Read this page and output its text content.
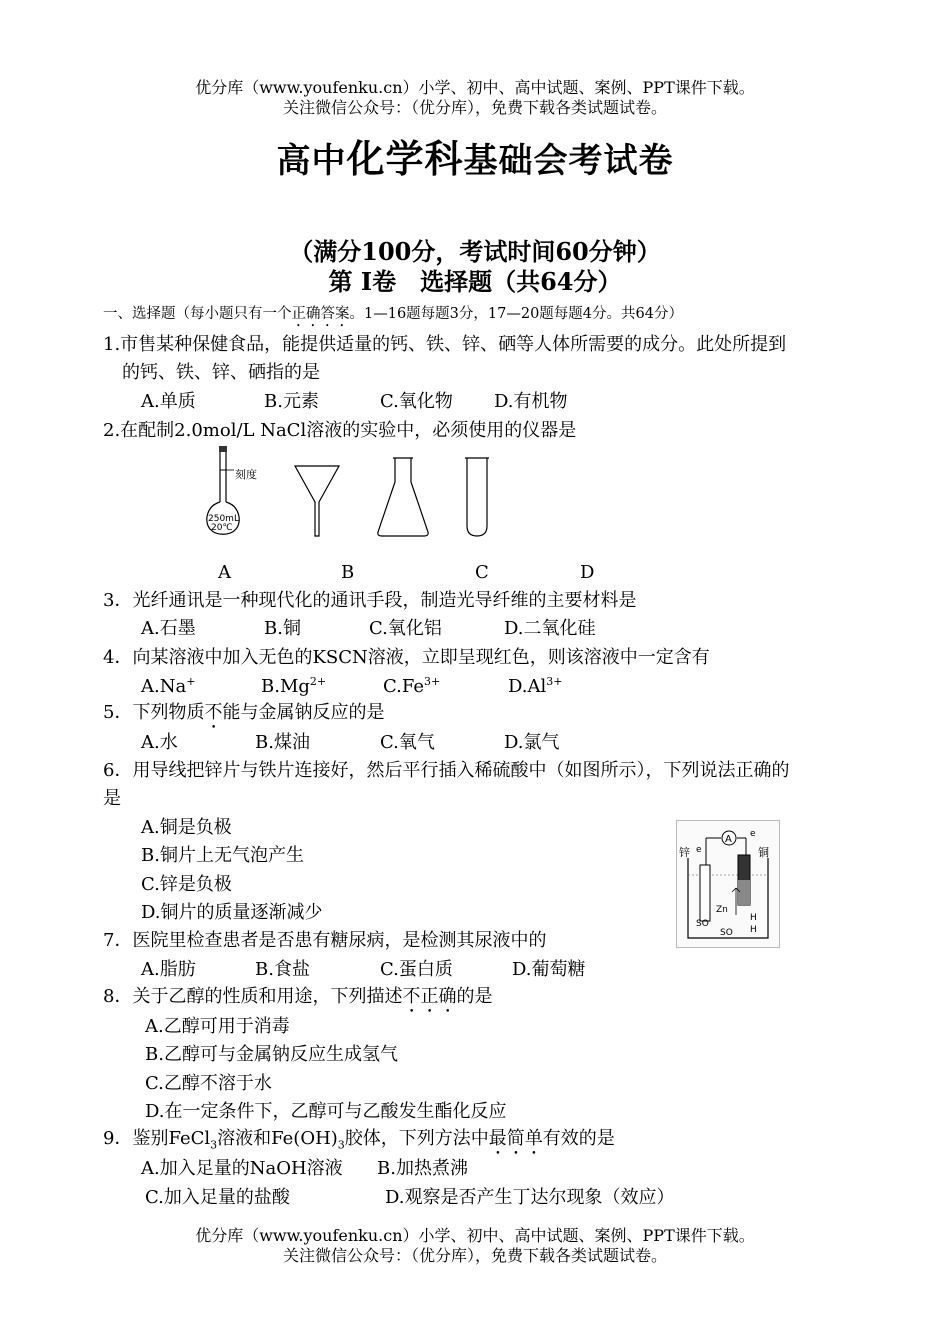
优分库（www.youfenku.cn）小学、初中、高中试题、案例、PPT课件下载。
关注微信公众号：（优分库），免费下载各类试题试卷。
高中化学科基础会考试卷
（满分100分，考试时间60分钟）
第 I卷　选择题（共64分）
一、选择题（每小题只有一个正确答案。1—16题每题3分，17—20题每题4分。共64分）
1.市售某种保健食品，能提供适量的钙、铁、锌、硒等人体所需要的成分。此处所提到
的钙、铁、锌、硒指的是
A.单质	B.元素	C.氧化物 D.有机物
2.在配制2.0mol/L NaCl溶液的实验中，必须使用的仪器是
刻度
250mL
20℃
A	B	C	D
3．光纤通讯是一种现代化的通讯手段，制造光导纤维的主要材料是
A.石墨	B.铜	C.氧化铝	D.二氧化硅
4．向某溶液中加入无色的KSCN溶液，立即呈现红色，则该溶液中一定含有
A.Na+	$B.Mg^{2+}$	$C.Fe^{3+}$	$D.Al^{3+}$
5．下列物质不能与金属钠反应的是
A.水	B.煤油	C.氧气	D.氯气
6．用导线把锌片与铁片连接好，然后平行插入稀硫酸中（如图所示），下列说法正确的
是
A.铜是负极
B.铜片上无气泡产生
C.锌是负极
D.铜片的质量逐渐减少
A e
e
锌	铜
Zn
SO
SO
H
H
7．医院里检查患者是否患有糖尿病，是检测其尿液中的
A.脂肪	B.食盐	C.蛋白质	D.葡萄糖
8．关于乙醇的性质和用途，下列描述不正确的是
A.乙醇可用于消毒
B.乙醇可与金属钠反应生成氢气
C.乙醇不溶于水
D.在一定条件下，乙醇可与乙酸发生酯化反应
9．鉴别FeCl$_3$溶液和$Fe(OH)_3$胶体，下列方法中最简单有效的是
A.加入足量的NaOH溶液 B.加热煮沸
C.加入足量的盐酸	D.观察是否产生丁达尔现象（效应）
优分库（www.youfenku.cn）小学、初中、高中试题、案例、PPT课件下载。
关注微信公众号：（优分库），免费下载各类试题试卷。
